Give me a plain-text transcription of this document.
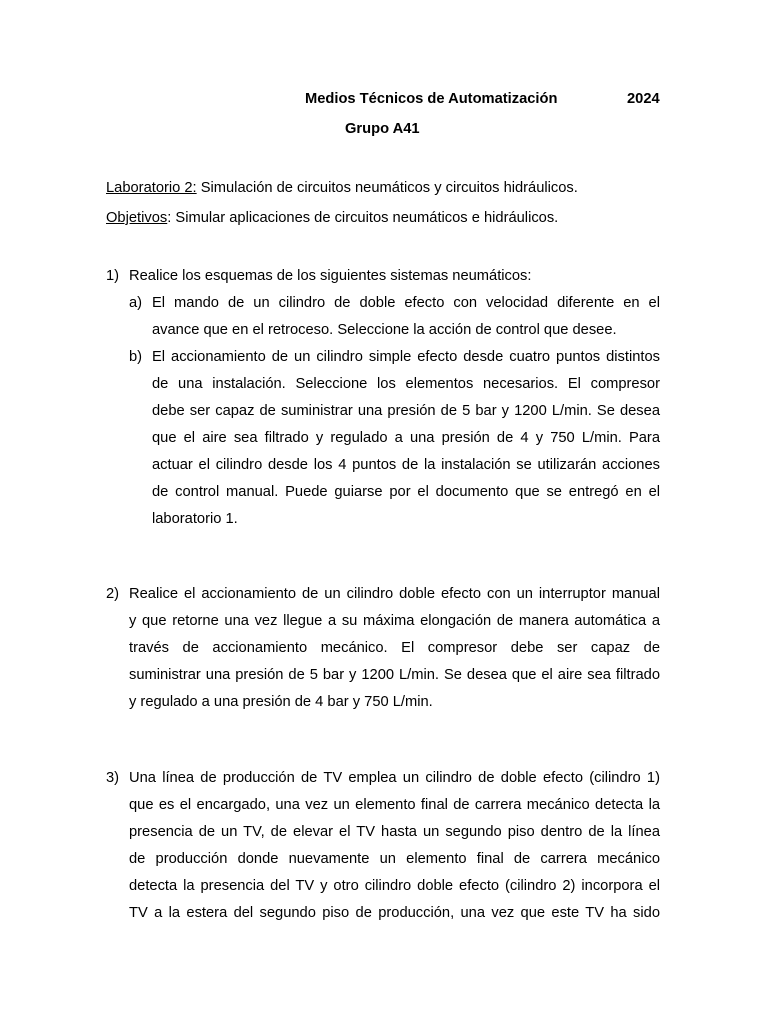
Medios Técnicos de Automatización	2024
Grupo A41
Laboratorio 2: Simulación de circuitos neumáticos y circuitos hidráulicos.
Objetivos: Simular aplicaciones de circuitos neumáticos e hidráulicos.
1) Realice los esquemas de los siguientes sistemas neumáticos:
a) El mando de un cilindro de doble efecto con velocidad diferente en el
avance que en el retroceso. Seleccione la acción de control que desee.
b) El accionamiento de un cilindro simple efecto desde cuatro puntos distintos
de una instalación. Seleccione los elementos necesarios. El compresor
debe ser capaz de suministrar una presión de 5 bar y 1200 L/min. Se desea
que el aire sea filtrado y regulado a una presión de 4 y 750 L/min. Para
actuar el cilindro desde los 4 puntos de la instalación se utilizarán acciones
de control manual. Puede guiarse por el documento que se entregó en el
laboratorio 1.
2) Realice el accionamiento de un cilindro doble efecto con un interruptor manual
y que retorne una vez llegue a su máxima elongación de manera automática a
través de accionamiento mecánico. El compresor debe ser capaz de
suministrar una presión de 5 bar y 1200 L/min. Se desea que el aire sea filtrado
y regulado a una presión de 4 bar y 750 L/min.
3) Una línea de producción de TV emplea un cilindro de doble efecto (cilindro 1)
que es el encargado, una vez un elemento final de carrera mecánico detecta la
presencia de un TV, de elevar el TV hasta un segundo piso dentro de la línea
de producción donde nuevamente un elemento final de carrera mecánico
detecta la presencia del TV y otro cilindro doble efecto (cilindro 2) incorpora el
TV a la estera del segundo piso de producción, una vez que este TV ha sido
